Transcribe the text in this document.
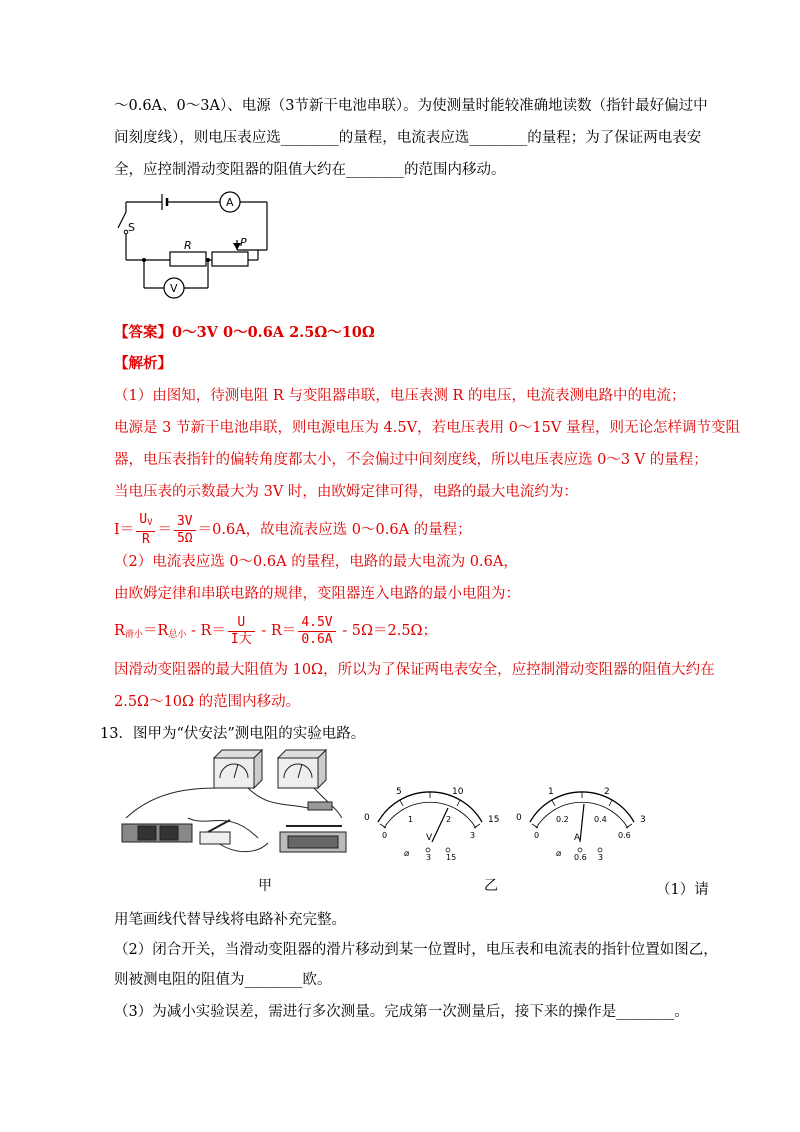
～0.6A、0～3A）、电源（3节新干电池串联）。为使测量时能较准确地读数（指针最好偏过中
间刻度线），则电压表应选________的量程，电流表应选________的量程；为了保证两电表安
全，应控制滑动变阻器的阻值大约在________的范围内移动。
S
A
R	P
V
【答案】0～3V 0～0.6A 2.5Ω～10Ω
【解析】
（1）由图知，待测电阻 R 与变阻器串联，电压表测 R 的电压，电流表测电路中的电流；
电源是 3 节新干电池串联，则电源电压为 4.5V，若电压表用 0～15V 量程，则无论怎样调节变阻
器，电压表指针的偏转角度都太小，不会偏过中间刻度线，所以电压表应选 0～3 V 的量程；
当电压表的示数最大为 3V 时，由欧姆定律可得，电路的最大电流约为：
$I= \frac{U_V}{R} = \frac{3V}{5\Omega} =0.6A$，故电流表应选 0～0.6A 的量程；
（2）电流表应选 0～0.6A 的量程，电路的最大电流为 0.6A，
由欧姆定律和串联电路的规律，变阻器连入电路的最小电阻为：
$R_{滑小}=R_{总小} - R= \frac{U}{\text{I大}} - R= \frac{4.5V}{0.6A} - 5\Omega=2.5\Omega$；
因滑动变阻器的最大阻值为 10Ω，所以为了保证两电表安全，应控制滑动变阻器的阻值大约在
2.5Ω～10Ω 的范围内移动。
13．图甲为“伏安法”测电阻的实验电路。
甲
0
5	10
15
0
1	2
3
V
⌀ 3 15
0
1	2
3
0
0.2	0.4
0.6
A
⌀ 0.6 3
乙	（1）请
用笔画线代替导线将电路补充完整。
（2）闭合开关，当滑动变阻器的滑片移动到某一位置时，电压表和电流表的指针位置如图乙，
则被测电阻的阻值为________欧。
（3）为减小实验误差，需进行多次测量。完成第一次测量后，接下来的操作是________。
